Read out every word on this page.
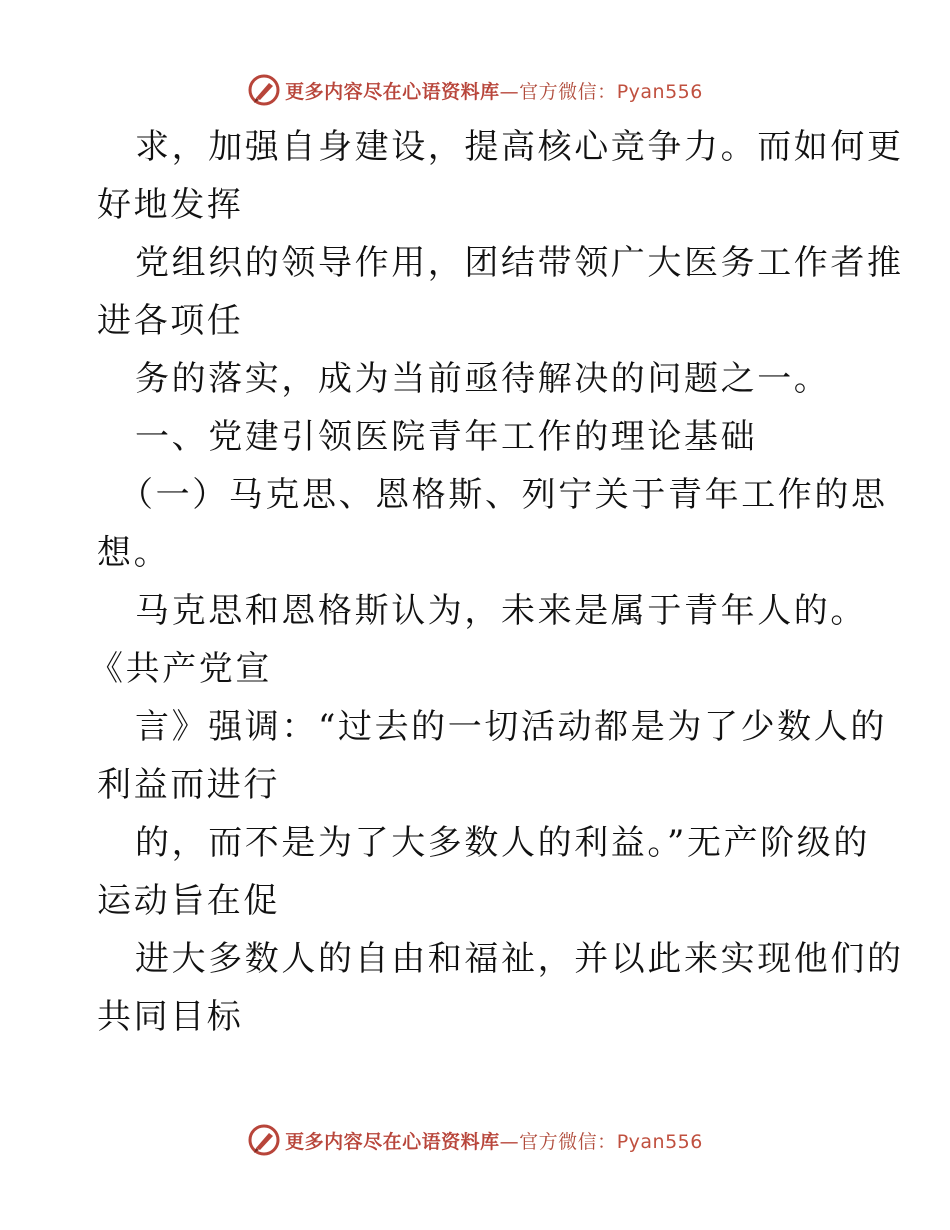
更多内容尽在心语资料库—官方微信：Pyan556
求，加强自身建设，提高核心竞争力。而如何更
好地发挥
党组织的领导作用，团结带领广大医务工作者推
进各项任
务的落实，成为当前亟待解决的问题之一。
一、党建引领医院青年工作的理论基础
（一）马克思、恩格斯、列宁关于青年工作的思
想。
马克思和恩格斯认为，未来是属于青年人的。
《共产党宣
言》强调：“过去的一切活动都是为了少数人的
利益而进行
的，而不是为了大多数人的利益。”无产阶级的
运动旨在促
进大多数人的自由和福祉，并以此来实现他们的
共同目标
更多内容尽在心语资料库—官方微信：Pyan556
